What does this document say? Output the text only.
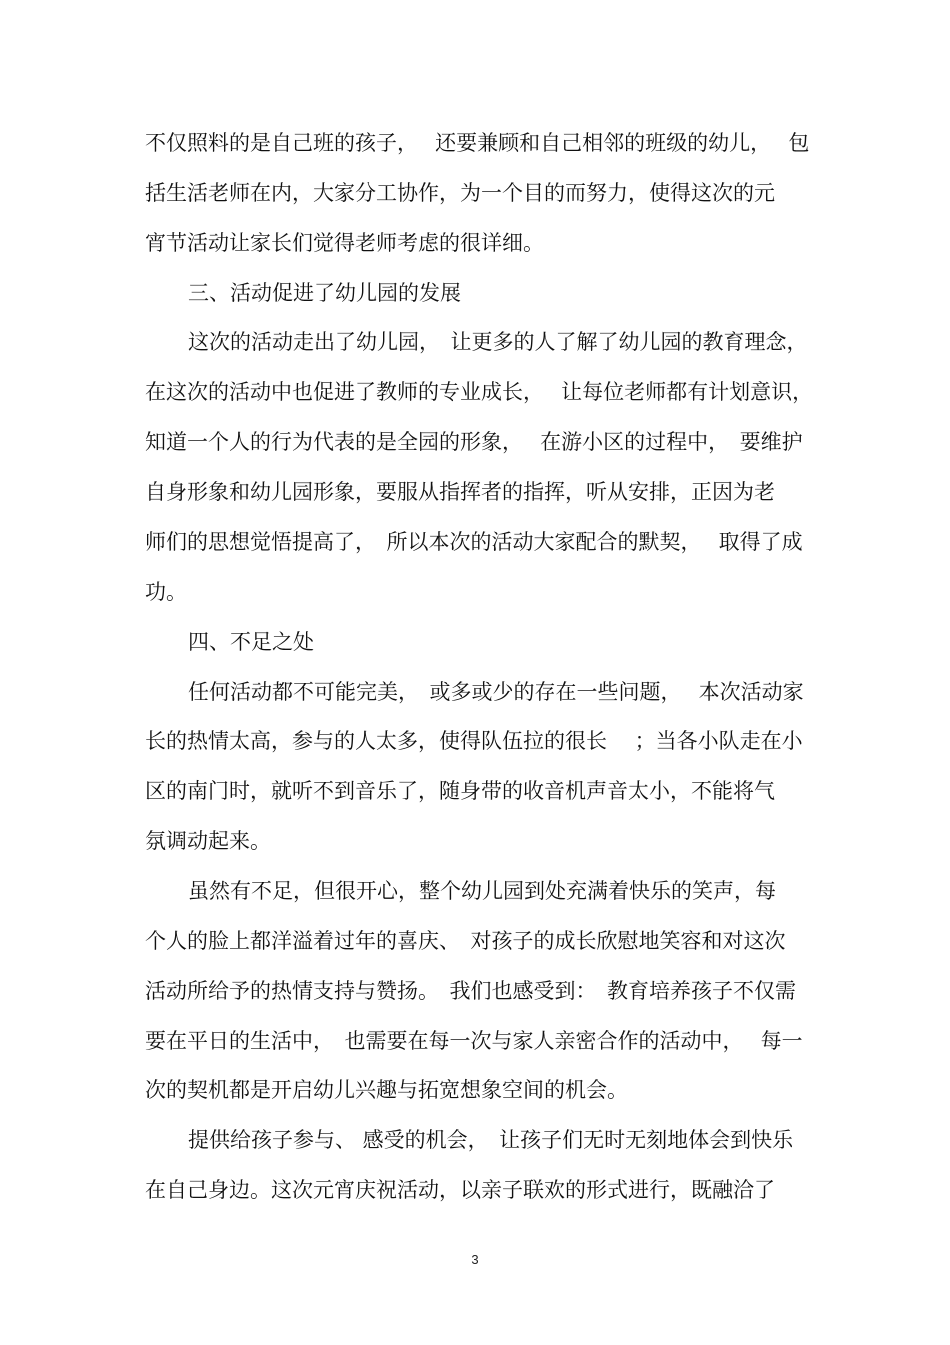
不仅照料的是自己班的孩子，　 还要兼顾和自己相邻的班级的幼儿，　 包
括生活老师在内，大家分工协作，为一个目的而努力，使得这次的元
宵节活动让家长们觉得老师考虑的很详细。
三、活动促进了幼儿园的发展
这次的活动走出了幼儿园，　让更多的人了解了幼儿园的教育理念，
在这次的活动中也促进了教师的专业成长，　 让每位老师都有计划意识，
知道一个人的行为代表的是全园的形象，　 在游小区的过程中，　要维护
自身形象和幼儿园形象，要服从指挥者的指挥，听从安排，正因为老
师们的思想觉悟提高了，　所以本次的活动大家配合的默契，　 取得了成
功。
四、不足之处
任何活动都不可能完美，　或多或少的存在一些问题，　 本次活动家
长的热情太高，参与的人太多，使得队伍拉的很长　 ；当各小队走在小
区的南门时，就听不到音乐了，随身带的收音机声音太小，不能将气
氛调动起来。
虽然有不足，但很开心，整个幼儿园到处充满着快乐的笑声，每
个人的脸上都洋溢着过年的喜庆、　对孩子的成长欣慰地笑容和对这次
活动所给予的热情支持与赞扬。　我们也感受到：　教育培养孩子不仅需
要在平日的生活中，　也需要在每一次与家人亲密合作的活动中，　 每一
次的契机都是开启幼儿兴趣与拓宽想象空间的机会。
提供给孩子参与、 感受的机会，　让孩子们无时无刻地体会到快乐
在自己身边。这次元宵庆祝活动，以亲子联欢的形式进行，既融洽了
3
